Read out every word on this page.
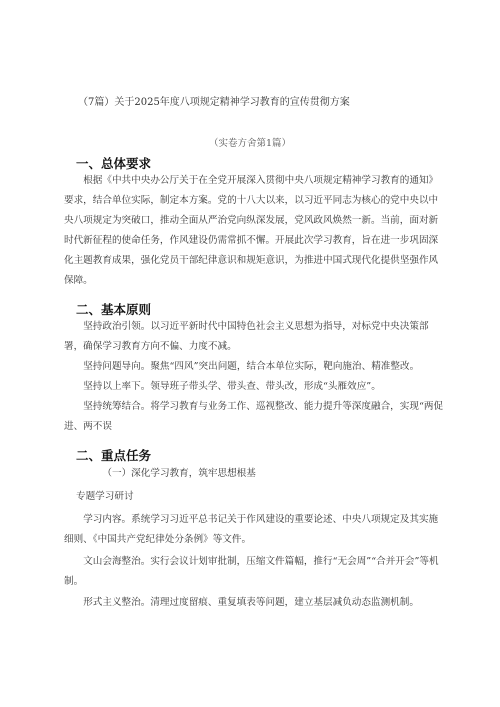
（7篇）关于2025年度八项规定精神学习教育的宣传贯彻方案
（实卷方舍第1篇）
一、总体要求

根据《中共中央办公厅关于在全党开展深入贯彻中央八项规定精神学习教育的通知》要求，结合单位实际，制定本方案。党的十八大以来，以习近平同志为核心的党中央以中央八项规定为突破口，推动全面从严治党向纵深发展，党风政风焕然一新。当前，面对新时代新征程的使命任务，作风建设仍需常抓不懈。开展此次学习教育，旨在进一步巩固深化主题教育成果，强化党员干部纪律意识和规矩意识，为推进中国式现代化提供坚强作风保障。

二、基本原则

坚持政治引领。以习近平新时代中国特色社会主义思想为指导，对标党中央决策部署，确保学习教育方向不偏、力度不减。

坚持问题导向。聚焦“四风”突出问题，结合本单位实际，靶向施治、精准整改。

坚持以上率下。领导班子带头学、带头查、带头改，形成“头雁效应”。

坚持统筹结合。将学习教育与业务工作、巡视整改、能力提升等深度融合，实现“两促进、两不误

二、重点任务

（一）深化学习教育，筑牢思想根基

专题学习研讨

学习内容。系统学习习近平总书记关于作风建设的重要论述、中央八项规定及其实施细则、《中国共产党纪律处分条例》等文件。

文山会海整治。实行会议计划审批制，压缩文件篇幅，推行“无会周”“合并开会”等机制。

形式主义整治。清理过度留痕、重复填表等问题，建立基层减负动态监测机制。
